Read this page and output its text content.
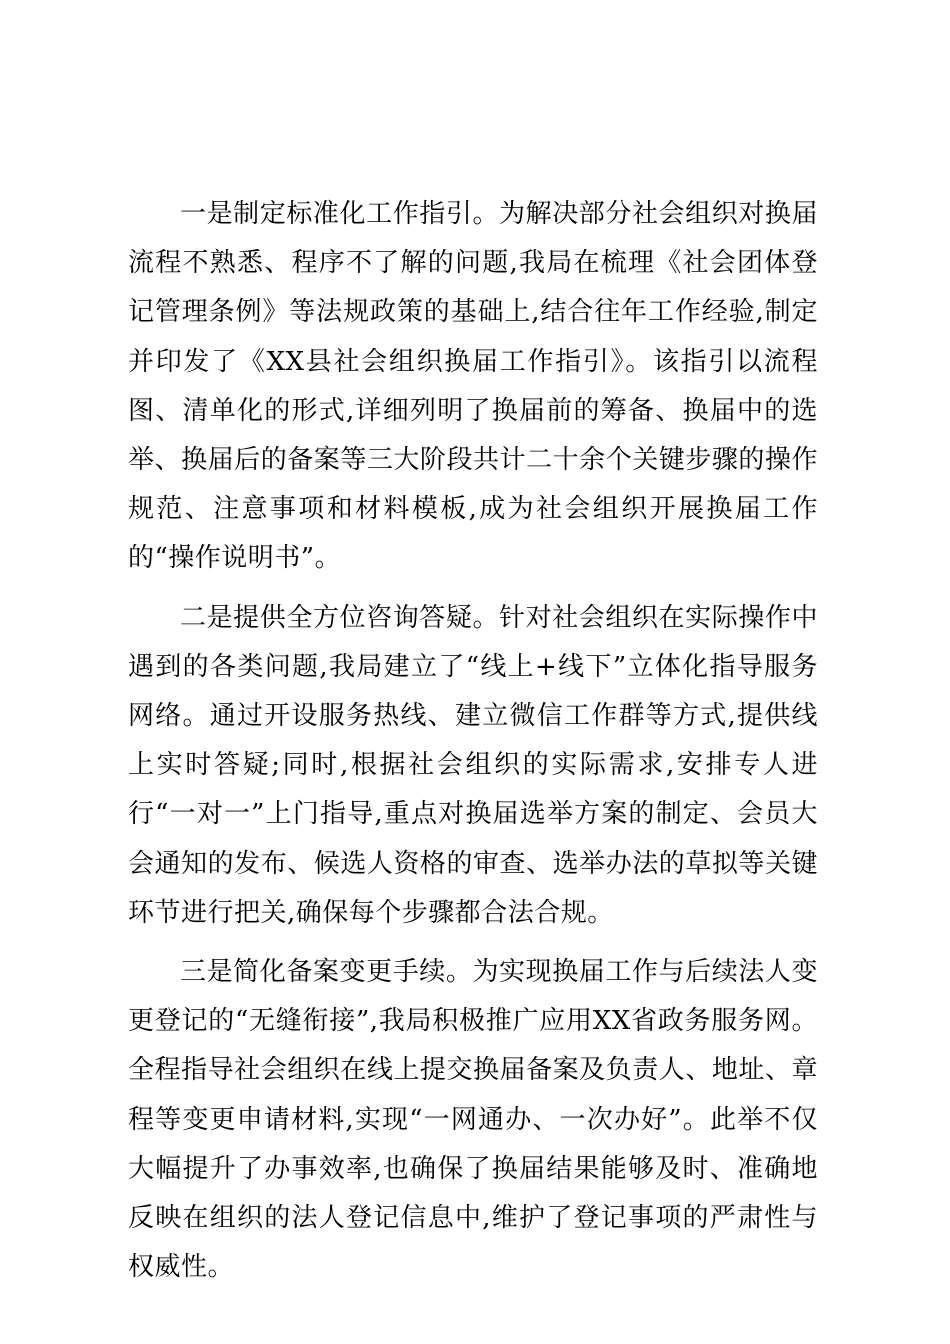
一是制定标准化工作指引。为解决部分社会组织对换届流程不熟悉、程序不了解的问题,我局在梳理《社会团体登记管理条例》等法规政策的基础上,结合往年工作经验,制定并印发了《XX县社会组织换届工作指引》。该指引以流程图、清单化的形式,详细列明了换届前的筹备、换届中的选举、换届后的备案等三大阶段共计二十余个关键步骤的操作规范、注意事项和材料模板,成为社会组织开展换届工作的“操作说明书”。

二是提供全方位咨询答疑。针对社会组织在实际操作中遇到的各类问题,我局建立了“线上+线下”立体化指导服务网络。通过开设服务热线、建立微信工作群等方式,提供线上实时答疑;同时,根据社会组织的实际需求,安排专人进行“一对一”上门指导,重点对换届选举方案的制定、会员大会通知的发布、候选人资格的审查、选举办法的草拟等关键环节进行把关,确保每个步骤都合法合规。

三是简化备案变更手续。为实现换届工作与后续法人变更登记的“无缝衔接”,我局积极推广应用XX省政务服务网。全程指导社会组织在线上提交换届备案及负责人、地址、章程等变更申请材料,实现“一网通办、一次办好”。此举不仅大幅提升了办事效率,也确保了换届结果能够及时、准确地反映在组织的法人登记信息中,维护了登记事项的严肃性与权威性。
